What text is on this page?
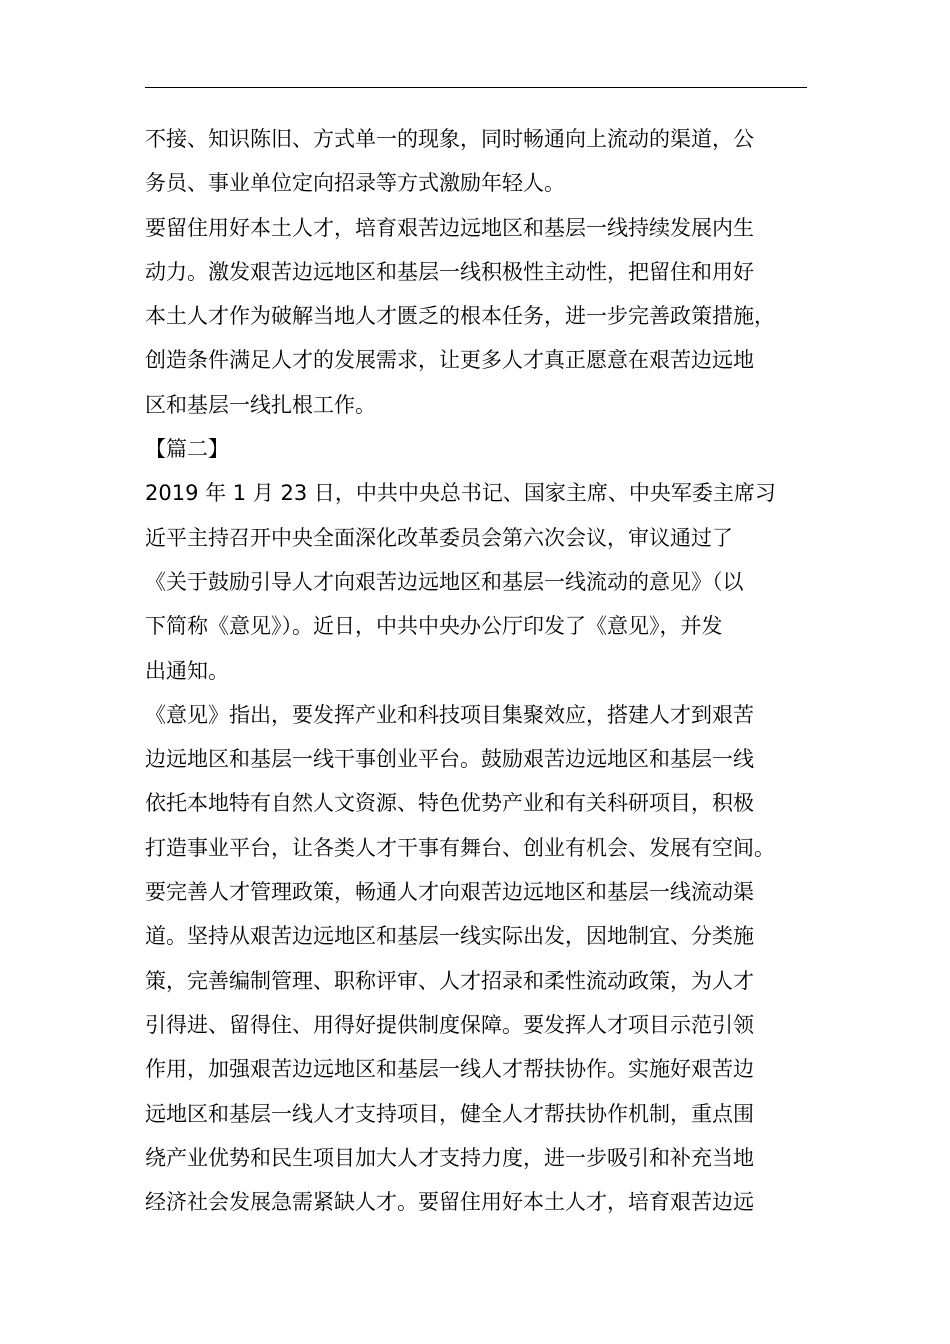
不接、知识陈旧、方式单一的现象，同时畅通向上流动的渠道，公
务员、事业单位定向招录等方式激励年轻人。
要留住用好本土人才，培育艰苦边远地区和基层一线持续发展内生
动力。激发艰苦边远地区和基层一线积极性主动性，把留住和用好
本土人才作为破解当地人才匮乏的根本任务，进一步完善政策措施，
创造条件满足人才的发展需求，让更多人才真正愿意在艰苦边远地
区和基层一线扎根工作。
【篇二】
2019 年 1 月 23 日，中共中央总书记、国家主席、中央军委主席习
近平主持召开中央全面深化改革委员会第六次会议，审议通过了
《关于鼓励引导人才向艰苦边远地区和基层一线流动的意见》（以
下简称《意见》）。近日，中共中央办公厅印发了《意见》，并发
出通知。
《意见》指出，要发挥产业和科技项目集聚效应，搭建人才到艰苦
边远地区和基层一线干事创业平台。鼓励艰苦边远地区和基层一线
依托本地特有自然人文资源、特色优势产业和有关科研项目，积极
打造事业平台，让各类人才干事有舞台、创业有机会、发展有空间。
要完善人才管理政策，畅通人才向艰苦边远地区和基层一线流动渠
道。坚持从艰苦边远地区和基层一线实际出发，因地制宜、分类施
策，完善编制管理、职称评审、人才招录和柔性流动政策，为人才
引得进、留得住、用得好提供制度保障。要发挥人才项目示范引领
作用，加强艰苦边远地区和基层一线人才帮扶协作。实施好艰苦边
远地区和基层一线人才支持项目，健全人才帮扶协作机制，重点围
绕产业优势和民生项目加大人才支持力度，进一步吸引和补充当地
经济社会发展急需紧缺人才。要留住用好本土人才，培育艰苦边远
